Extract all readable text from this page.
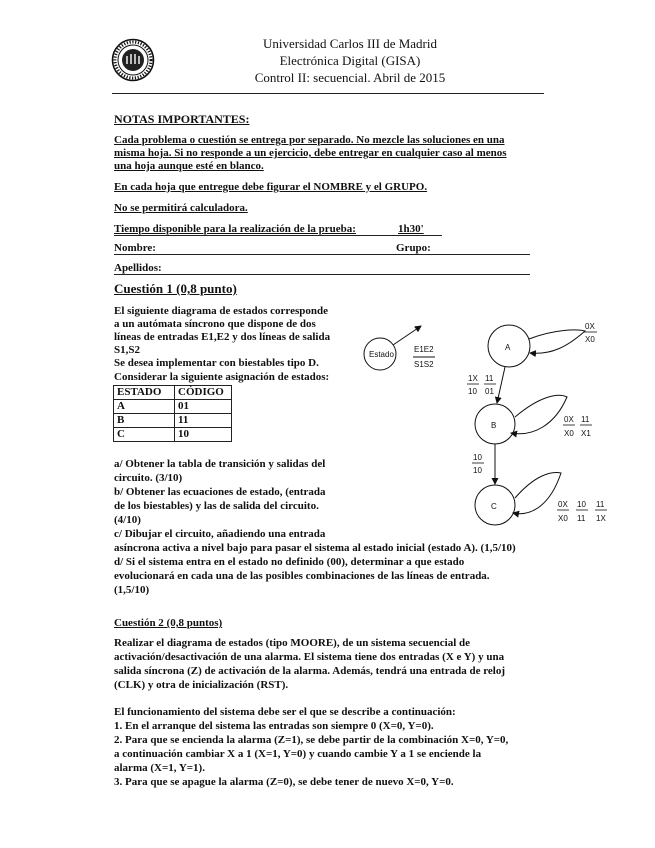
Universidad Carlos III de Madrid
Electrónica Digital (GISA)
Control II: secuencial. Abril de 2015
NOTAS IMPORTANTES:
Cada problema o cuestión se entrega por separado. No mezcle las soluciones en una
misma hoja. Si no responde a un ejercicio, debe entregar en cualquier caso al menos
una hoja aunque esté en blanco.
En cada hoja que entregue debe figurar el NOMBRE y el GRUPO.
No se permitirá calculadora.
Tiempo disponible para la realización de la prueba:	1h30'
Nombre:	Grupo:
Apellidos:
Cuestión 1 (0,8 punto)
El siguiente diagrama de estados corresponde
a un autómata síncrono que dispone de dos
líneas de entradas E1,E2 y dos líneas de salida
S1,S2
Se desea implementar con biestables tipo D.
Considerar la siguiente asignación de estados:
ESTADO	CÓDIGO
A	01
B	11
C	10
a/ Obtener la tabla de transición y salidas del
circuito. (3/10)
b/ Obtener las ecuaciones de estado, (entrada
de los biestables) y las de salida del circuito.
(4/10)
c/ Dibujar el circuito, añadiendo una entrada
asíncrona activa a nivel bajo para pasar el sistema al estado inicial (estado A). (1,5/10)
d/ Si el sistema entra en el estado no definido (00), determinar a que estado
evolucionará en cada una de las posibles combinaciones de las líneas de entrada.
(1,5/10)
Estado
E1E2
S1S2
A
B
C
0X
X0
1X 11
10 01
0X 11
X0 X1
10
10
0X 10 11
X0 11 1X
Cuestión 2 (0,8 puntos)
Realizar el diagrama de estados (tipo MOORE), de un sistema secuencial de
activación/desactivación de una alarma. El sistema tiene dos entradas (X e Y) y una
salida síncrona (Z) de activación de la alarma. Además, tendrá una entrada de reloj
(CLK) y otra de inicialización (RST).
El funcionamiento del sistema debe ser el que se describe a continuación:
1. En el arranque del sistema las entradas son siempre 0 (X=0, Y=0).
2. Para que se encienda la alarma (Z=1), se debe partir de la combinación X=0, Y=0,
a continuación cambiar X a 1 (X=1, Y=0) y cuando cambie Y a 1 se enciende la
alarma (X=1, Y=1).
3. Para que se apague la alarma (Z=0), se debe tener de nuevo X=0, Y=0.
